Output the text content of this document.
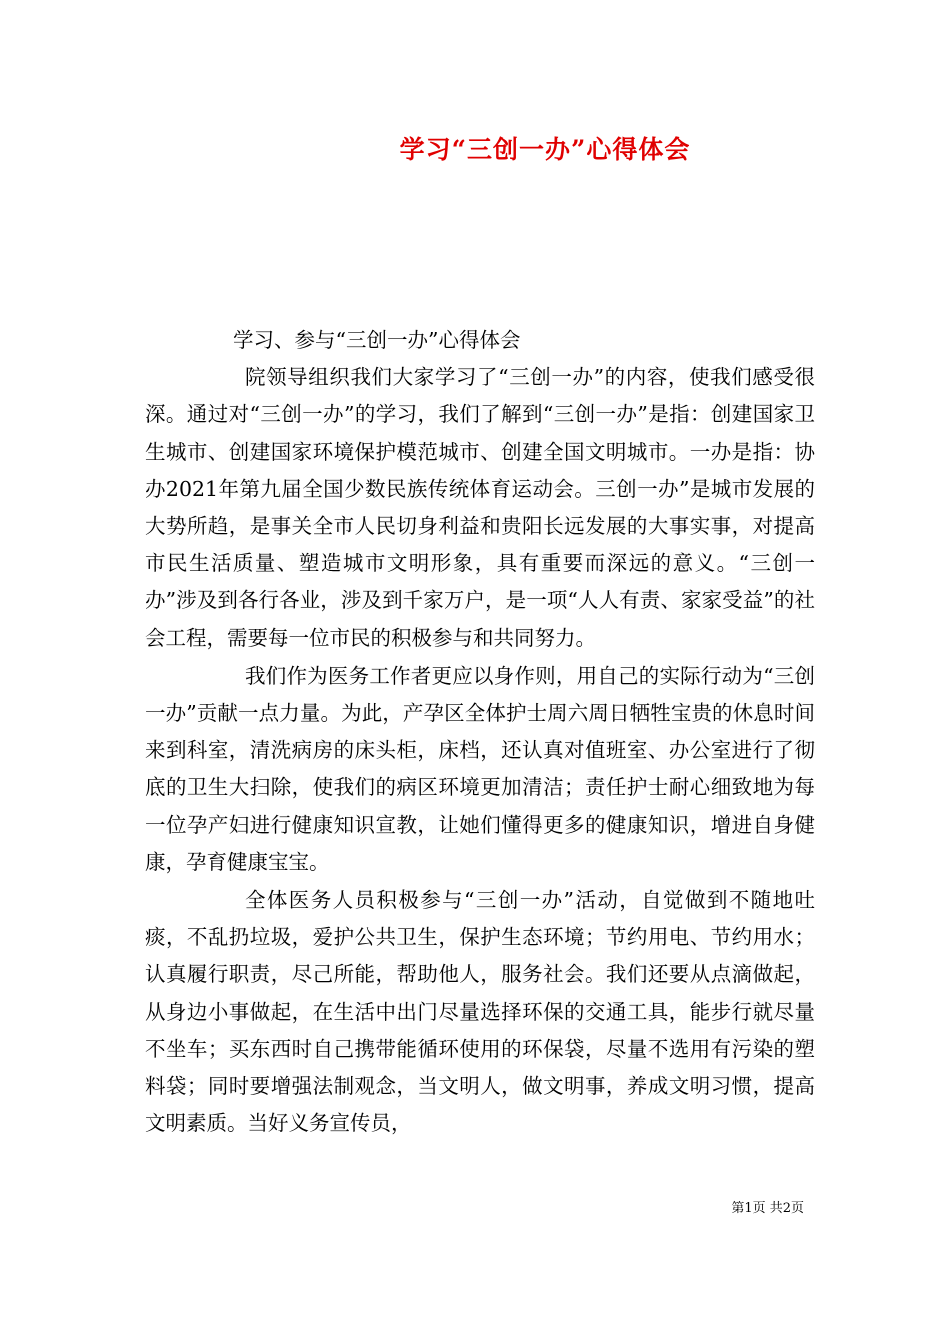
学习“三创一办”心得体会

学习、参与“三创一办”心得体会

院领导组织我们大家学习了“三创一办”的内容，使我们感受很深。通过对“三创一办”的学习，我们了解到“三创一办”是指：创建国家卫生城市、创建国家环境保护模范城市、创建全国文明城市。一办是指：协办2021年第九届全国少数民族传统体育运动会。三创一办”是城市发展的大势所趋，是事关全市人民切身利益和贵阳长远发展的大事实事，对提高市民生活质量、塑造城市文明形象，具有重要而深远的意义。“三创一办”涉及到各行各业，涉及到千家万户，是一项“人人有责、家家受益”的社会工程，需要每一位市民的积极参与和共同努力。

我们作为医务工作者更应以身作则，用自己的实际行动为“三创一办”贡献一点力量。为此，产孕区全体护士周六周日牺牲宝贵的休息时间来到科室，清洗病房的床头柜，床档，还认真对值班室、办公室进行了彻底的卫生大扫除，使我们的病区环境更加清洁；责任护士耐心细致地为每一位孕产妇进行健康知识宣教，让她们懂得更多的健康知识，增进自身健康，孕育健康宝宝。

全体医务人员积极参与“三创一办”活动，自觉做到不随地吐痰，不乱扔垃圾，爱护公共卫生，保护生态环境；节约用电、节约用水；认真履行职责，尽己所能，帮助他人，服务社会。我们还要从点滴做起，从身边小事做起，在生活中出门尽量选择环保的交通工具，能步行就尽量不坐车；买东西时自己携带能循环使用的环保袋，尽量不选用有污染的塑料袋；同时要增强法制观念，当文明人，做文明事，养成文明习惯，提高文明素质。当好义务宣传员，

第1页 共2页
